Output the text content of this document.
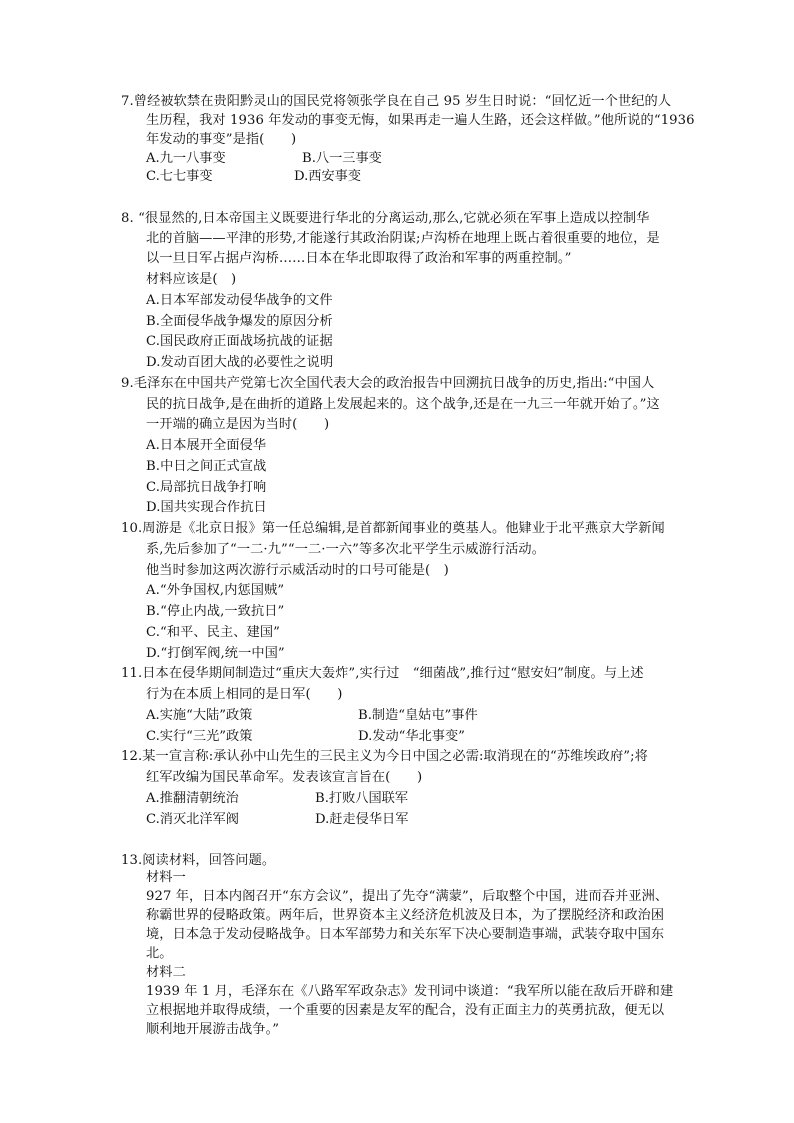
7.曾经被软禁在贵阳黔灵山的国民党将领张学良在自己 95 岁生日时说：“回忆近一个世纪的人
生历程，我对 1936 年发动的事变无悔，如果再走一遍人生路，还会这样做。”他所说的“1936
年发动的事变”是指(　　)
A.九一八事变	B.八一三事变
C.七七事变	D.西安事变
8. “很显然的,日本帝国主义既要进行华北的分离运动,那么,它就必须在军事上造成以控制华
北的首脑——平津的形势,才能遂行其政治阴谋;卢沟桥在地理上既占着很重要的地位，是
以一旦日军占据卢沟桥……日本在华北即取得了政治和军事的两重控制。”
材料应该是(　)
A.日本军部发动侵华战争的文件
B.全面侵华战争爆发的原因分析
C.国民政府正面战场抗战的证据
D.发动百团大战的必要性之说明
9.毛泽东在中国共产党第七次全国代表大会的政治报告中回溯抗日战争的历史,指出:“中国人
民的抗日战争,是在曲折的道路上发展起来的。这个战争,还是在一九三一年就开始了。”这
一开端的确立是因为当时(　　)
A.日本展开全面侵华
B.中日之间正式宣战
C.局部抗日战争打响
D.国共实现合作抗日
10.周游是《北京日报》第一任总编辑,是首都新闻事业的奠基人。他肄业于北平燕京大学新闻
系,先后参加了“一二·九”“一二·一六”等多次北平学生示威游行活动。
他当时参加这两次游行示威活动时的口号可能是(　)
A.“外争国权,内惩国贼”
B.“停止内战,一致抗日”
C.“和平、民主、建国”
D.“打倒军阀,统一中国”
11.日本在侵华期间制造过“重庆大轰炸”,实行过　“细菌战”,推行过“慰安妇”制度。与上述
行为在本质上相同的是日军(　　)
A.实施“大陆”政策	B.制造“皇姑屯”事件
C.实行“三光”政策	D.发动“华北事变”
12.某一宣言称:承认孙中山先生的三民主义为今日中国之必需:取消现在的“苏维埃政府”;将
红军改编为国民革命军。发表该宣言旨在(　　)
A.推翻清朝统治	B.打败八国联军
C.消灭北洋军阀	D.赶走侵华日军
13.阅读材料，回答问题。
材料一
927 年，日本内阁召开“东方会议”，提出了先夺“满蒙”，后取整个中国，进而吞并亚洲、
称霸世界的侵略政策。两年后，世界资本主义经济危机波及日本，为了摆脱经济和政治困
境，日本急于发动侵略战争。日本军部势力和关东军下决心要制造事端，武装夺取中国东
北。
材料二
1939 年 1 月，毛泽东在《八路军军政杂志》发刊词中谈道：“我军所以能在敌后开辟和建
立根据地并取得成绩，一个重要的因素是友军的配合，没有正面主力的英勇抗敌，便无以
顺利地开展游击战争。”
